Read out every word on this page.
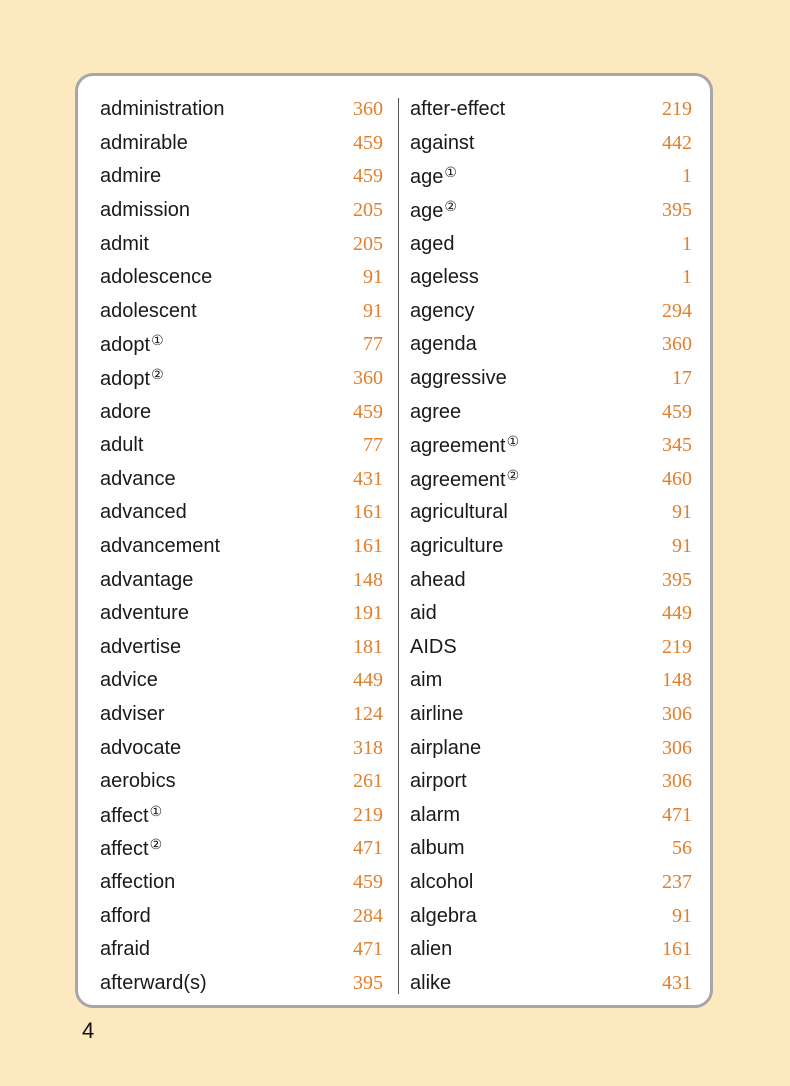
administration	360
admirable	459
admire	459
admission	205
admit	205
adolescence	91
adolescent	91
adopt①	77
adopt②	360
adore	459
adult	77
advance	431
advanced	161
advancement	161
advantage	148
adventure	191
advertise	181
advice	449
adviser	124
advocate	318
aerobics	261
affect①	219
affect②	471
affection	459
afford	284
afraid	471
afterward(s)	395
after-effect	219
against	442
age①	1
age②	395
aged	1
ageless	1
agency	294
agenda	360
aggressive	17
agree	459
agreement①	345
agreement②	460
agricultural	91
agriculture	91
ahead	395
aid	449
AIDS	219
aim	148
airline	306
airplane	306
airport	306
alarm	471
album	56
alcohol	237
algebra	91
alien	161
alike	431
4
